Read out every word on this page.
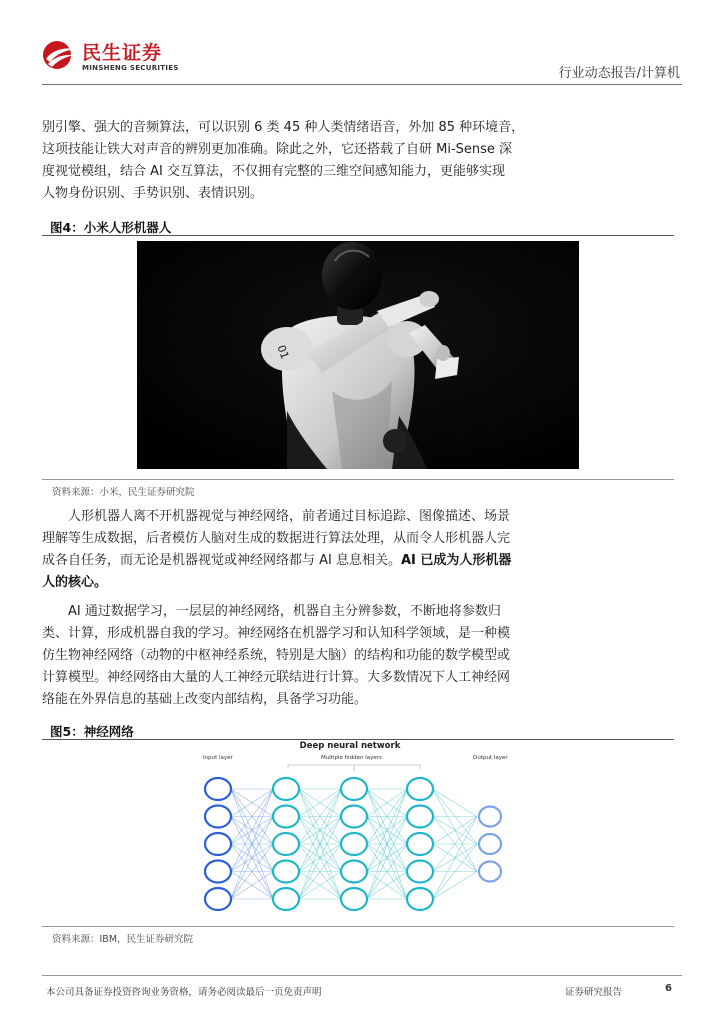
民生证券
MINSHENG SECURITIES	行业动态报告/计算机
别引擎、强大的音频算法，可以识别 6 类 45 种人类情绪语音，外加 85 种环境音，
这项技能让铁大对声音的辨别更加准确。除此之外，它还搭载了自研 Mi-Sense 深
度视觉模组，结合 AI 交互算法，不仅拥有完整的三维空间感知能力，更能够实现
人物身份识别、手势识别、表情识别。
图4：小米人形机器人
01
资料来源：小米，民生证券研究院
人形机器人离不开机器视觉与神经网络，前者通过目标追踪、图像描述、场景
理解等生成数据，后者模仿人脑对生成的数据进行算法处理，从而令人形机器人完
成各自任务，而无论是机器视觉或神经网络都与 AI 息息相关。AI 已成为人形机器
人的核心。
AI 通过数据学习，一层层的神经网络，机器自主分辨参数，不断地将参数归
类、计算，形成机器自我的学习。神经网络在机器学习和认知科学领域，是一种模
仿生物神经网络（动物的中枢神经系统，特别是大脑）的结构和功能的数学模型或
计算模型。神经网络由大量的人工神经元联结进行计算。大多数情况下人工神经网
络能在外界信息的基础上改变内部结构，具备学习功能。
图5：神经网络
Deep neural network
Input layer	Multiple hidden layers	Output layer
资料来源：IBM，民生证券研究院
本公司具备证券投资咨询业务资格，请务必阅读最后一页免责声明	证券研究报告	6
